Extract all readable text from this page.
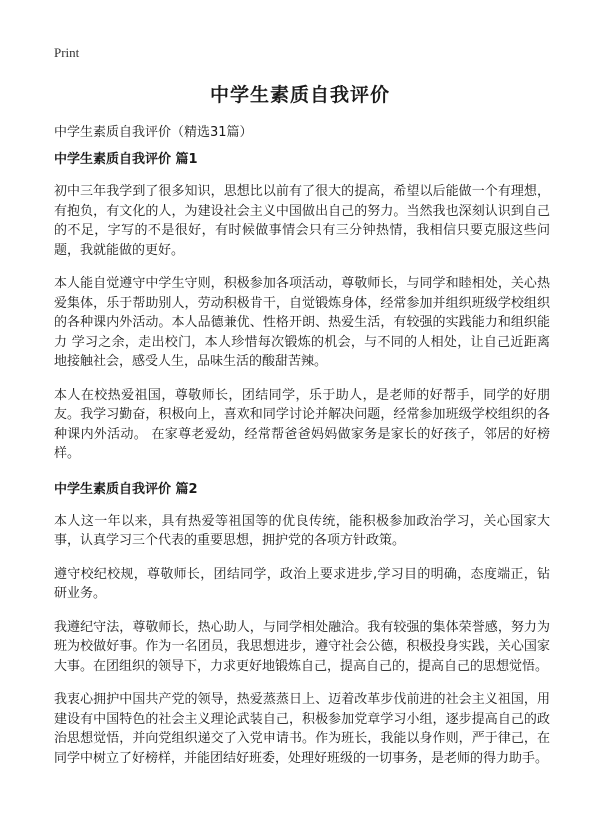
Print
中学生素质自我评价

中学生素质自我评价（精选31篇）

中学生素质自我评价 篇1

初中三年我学到了很多知识，思想比以前有了很大的提高，希望以后能做一个有理想，有抱负，有文化的人，为建设社会主义中国做出自己的努力。当然我也深刻认识到自己的不足，字写的不是很好，有时候做事情会只有三分钟热情，我相信只要克服这些问题，我就能做的更好。

本人能自觉遵守中学生守则，积极参加各项活动，尊敬师长，与同学和睦相处，关心热爱集体，乐于帮助别人，劳动积极肯干，自觉锻炼身体，经常参加并组织班级学校组织的各种课内外活动。本人品德兼优、性格开朗、热爱生活，有较强的实践能力和组织能力 学习之余，走出校门，本人珍惜每次锻炼的机会，与不同的人相处，让自己近距离地接触社会，感受人生，品味生活的酸甜苦辣。

本人在校热爱祖国，尊敬师长，团结同学，乐于助人，是老师的好帮手，同学的好朋友。我学习勤奋，积极向上，喜欢和同学讨论并解决问题，经常参加班级学校组织的各种课内外活动。 在家尊老爱幼，经常帮爸爸妈妈做家务是家长的好孩子，邻居的好榜样。

中学生素质自我评价 篇2

本人这一年以来，具有热爱等祖国等的优良传统，能积极参加政治学习，关心国家大事，认真学习三个代表的重要思想，拥护党的各项方针政策。

遵守校纪校规，尊敬师长，团结同学，政治上要求进步,学习目的明确，态度端正，钻研业务。

我遵纪守法，尊敬师长，热心助人，与同学相处融洽。我有较强的集体荣誉感，努力为班为校做好事。作为一名团员，我思想进步，遵守社会公德，积极投身实践，关心国家大事。在团组织的领导下，力求更好地锻炼自己，提高自己的，提高自己的思想觉悟。

我衷心拥护中国共产党的领导，热爱蒸蒸日上、迈着改革步伐前进的社会主义祖国，用建设有中国特色的社会主义理论武装自己，积极参加党章学习小组，逐步提高自己的政治思想觉悟，并向党组织递交了入党申请书。作为班长，我能以身作则，严于律己，在同学中树立了好榜样，并能团结好班委，处理好班级的一切事务，是老师的得力助手。
